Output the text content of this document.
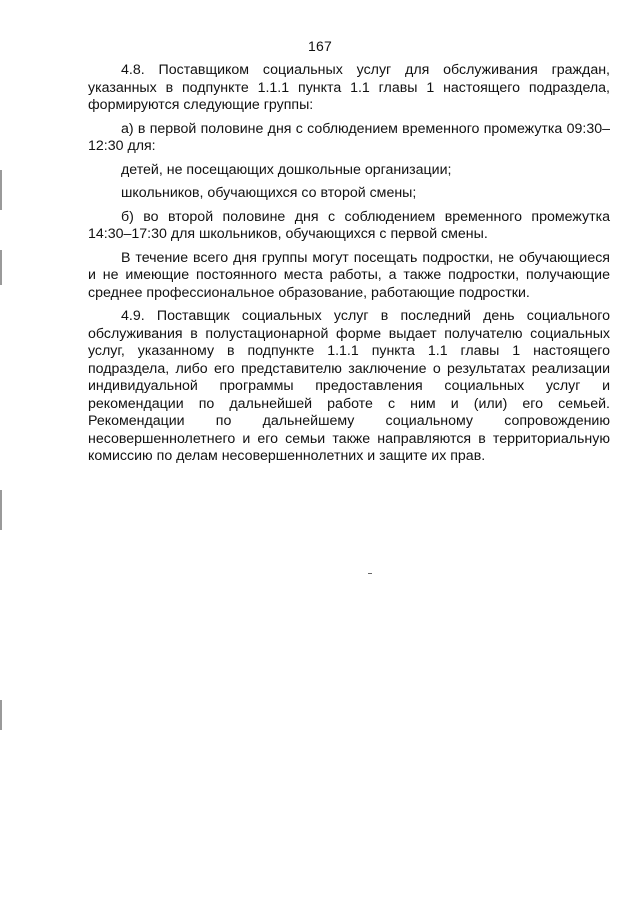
167

4.8. Поставщиком социальных услуг для обслуживания граждан, указанных в подпункте 1.1.1 пункта 1.1 главы 1 настоящего подраздела, формируются следующие группы:

а) в первой половине дня с соблюдением временного промежутка 09:30–12:30 для:

детей, не посещающих дошкольные организации;

школьников, обучающихся со второй смены;

б) во второй половине дня с соблюдением временного промежутка 14:30–17:30 для школьников, обучающихся с первой смены.

В течение всего дня группы могут посещать подростки, не обучающиеся и не имеющие постоянного места работы, а также подростки, получающие среднее профессиональное образование, работающие подростки.

4.9. Поставщик социальных услуг в последний день социального обслуживания в полустационарной форме выдает получателю социальных услуг, указанному в подпункте 1.1.1 пункта 1.1 главы 1 настоящего подраздела, либо его представителю заключение о результатах реализации индивидуальной программы предоставления социальных услуг и рекомендации по дальнейшей работе с ним и (или) его семьей. Рекомендации по дальнейшему социальному сопровождению несовершеннолетнего и его семьи также направляются в территориальную комиссию по делам несовершеннолетних и защите их прав.
